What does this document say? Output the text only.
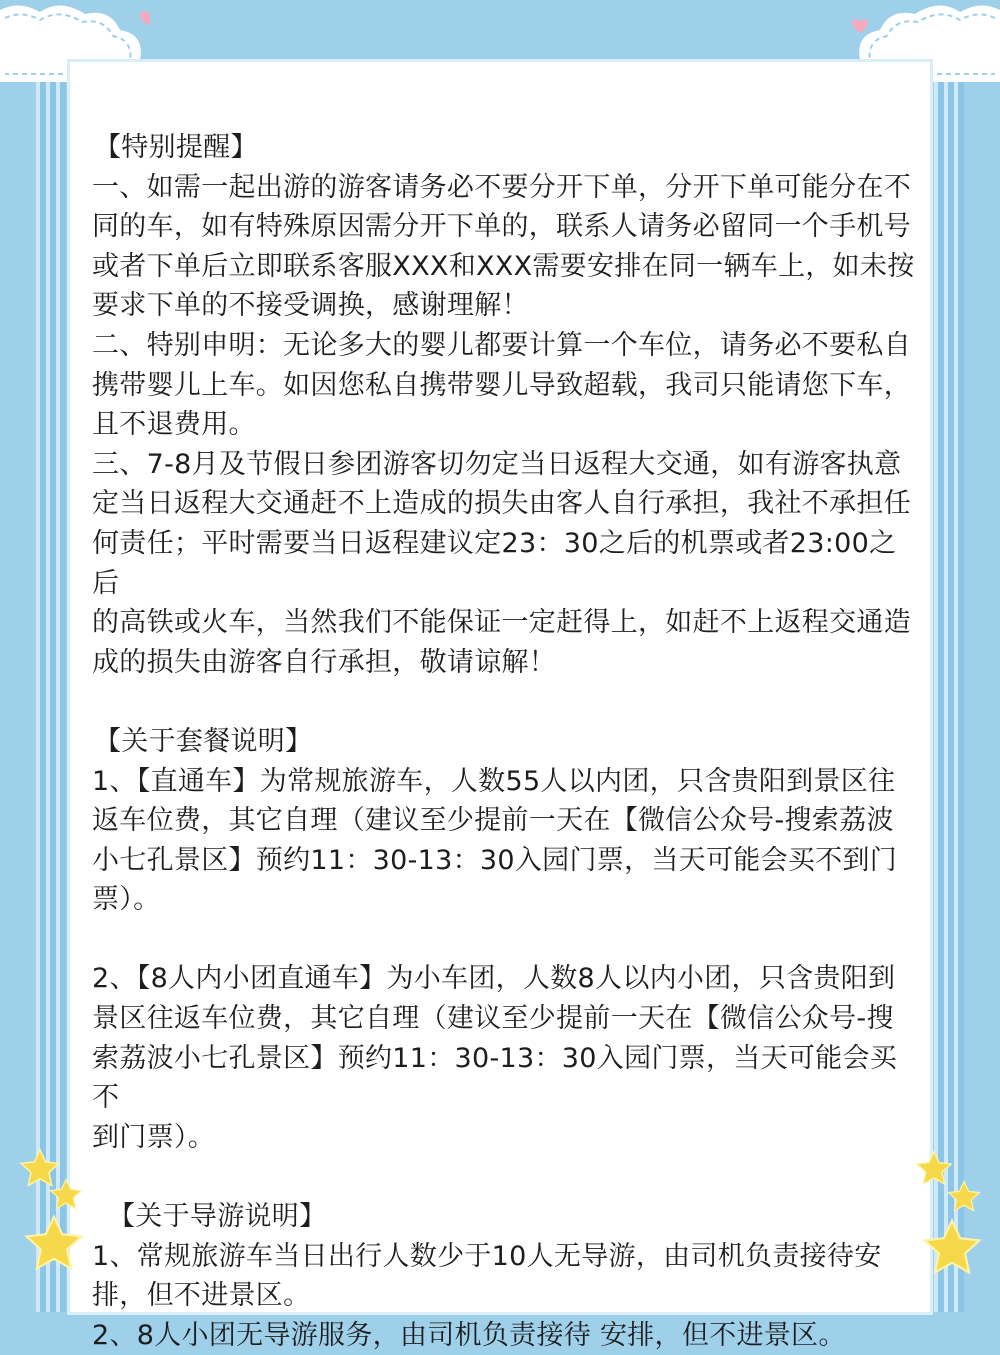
【特别提醒】

一、如需一起出游的游客请务必不要分开下单，分开下单可能分在不

同的车，如有特殊原因需分开下单的，联系人请务必留同一个手机号

或者下单后立即联系客服XXX和XXX需要安排在同一辆车上，如未按

要求下单的不接受调换，感谢理解！

二、特别申明：无论多大的婴儿都要计算一个车位，请务必不要私自

携带婴儿上车。如因您私自携带婴儿导致超载，我司只能请您下车，

且不退费用。

三、7-8月及节假日参团游客切勿定当日返程大交通，如有游客执意

定当日返程大交通赶不上造成的损失由客人自行承担，我社不承担任

何责任；平时需要当日返程建议定23：30之后的机票或者23:00之后

的高铁或火车，当然我们不能保证一定赶得上，如赶不上返程交通造

成的损失由游客自行承担，敬请谅解！

【关于套餐说明】

1、【直通车】为常规旅游车，人数55人以内团，只含贵阳到景区往

返车位费，其它自理（建议至少提前一天在【微信公众号-搜索荔波

小七孔景区】预约11：30-13：30入园门票，当天可能会买不到门

票）。

2、【8人内小团直通车】为小车团，人数8人以内小团，只含贵阳到

景区往返车位费，其它自理（建议至少提前一天在【微信公众号-搜

索荔波小七孔景区】预约11：30-13：30入园门票，当天可能会买不

到门票）。

【关于导游说明】

1、常规旅游车当日出行人数少于10人无导游，由司机负责接待安

排，但不进景区。

2、8人小团无导游服务，由司机负责接待 安排，但不进景区。
